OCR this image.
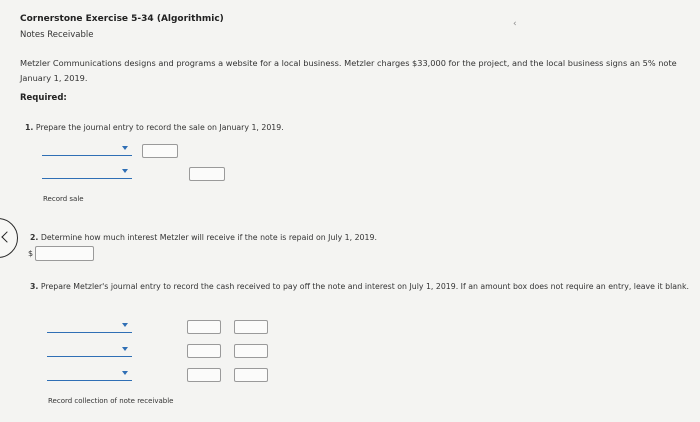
Cornerstone Exercise 5-34 (Algorithmic)
Notes Receivable
‹
Metzler Communications designs and programs a website for a local business. Metzler charges $33,000 for the project, and the local business signs an 5% note January 1, 2019.
Required:
1. Prepare the journal entry to record the sale on January 1, 2019.
Record sale
2. Determine how much interest Metzler will receive if the note is repaid on July 1, 2019.
$
3. Prepare Metzler's journal entry to record the cash received to pay off the note and interest on July 1, 2019. If an amount box does not require an entry, leave it blank.
Record collection of note receivable
